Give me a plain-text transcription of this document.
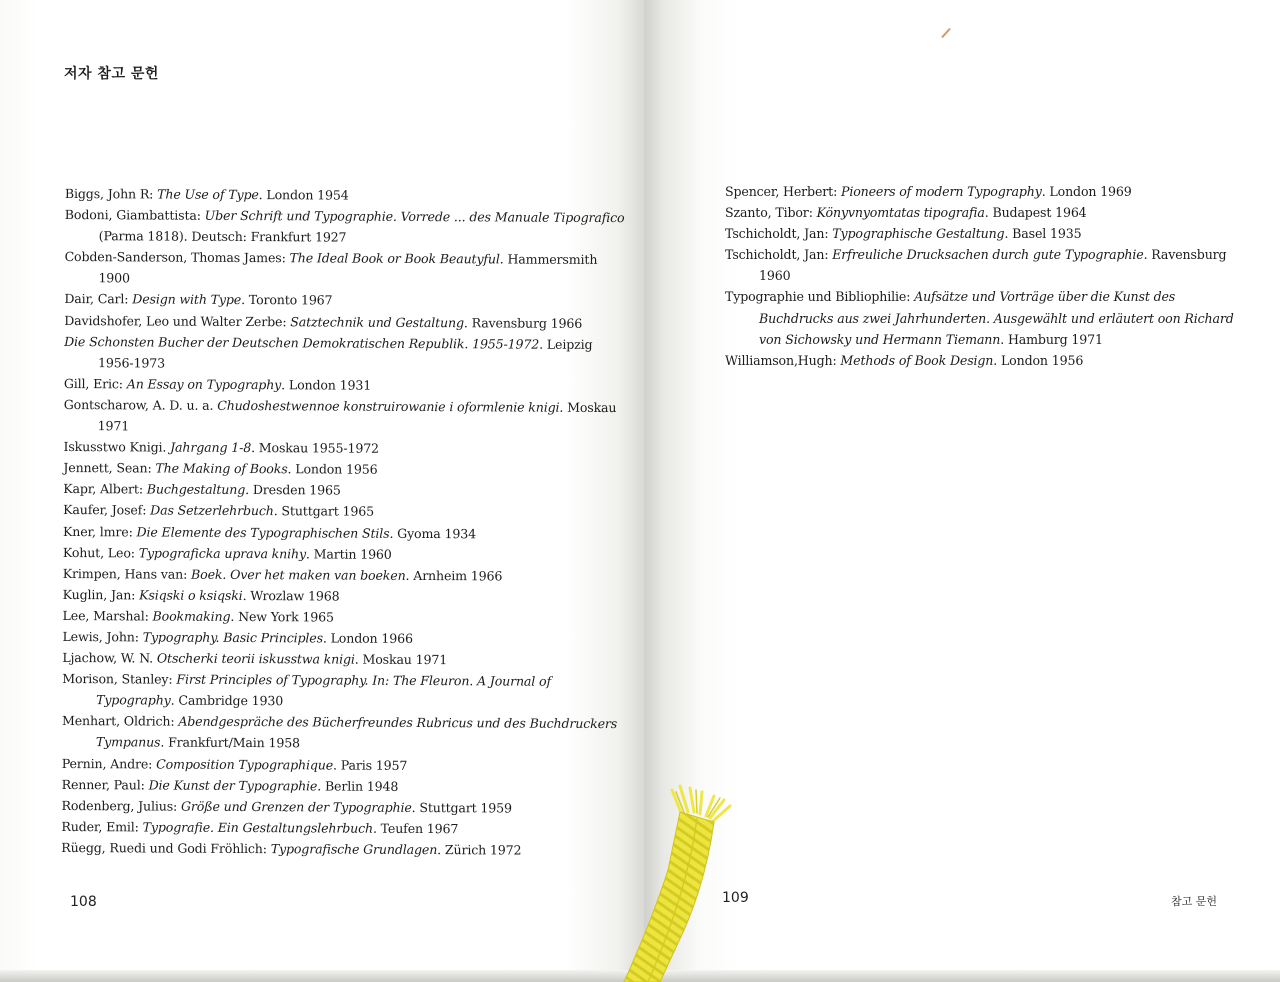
저자 참고 문헌
Biggs, John R: The Use of Type. London 1954
Bodoni, Giambattista: Uber Schrift und Typographie. Vorrede ... des Manuale Tipografico (Parma 1818). Deutsch: Frankfurt 1927
Cobden-Sanderson, Thomas James: The Ideal Book or Book Beautyful. Hammersmith 1900
Dair, Carl: Design with Type. Toronto 1967
Davidshofer, Leo und Walter Zerbe: Satztechnik und Gestaltung. Ravensburg 1966
Die Schonsten Bucher der Deutschen Demokratischen Republik. 1955-1972. Leipzig 1956-1973
Gill, Eric: An Essay on Typography. London 1931
Gontscharow, A. D. u. a. Chudoshestwennoe konstruirowanie i oformlenie knigi. Moskau 1971
Iskusstwo Knigi. Jahrgang 1-8. Moskau 1955-1972
Jennett, Sean: The Making of Books. London 1956
Kapr, Albert: Buchgestaltung. Dresden 1965
Kaufer, Josef: Das Setzerlehrbuch. Stuttgart 1965
Kner, lmre: Die Elemente des Typographischen Stils. Gyoma 1934
Kohut, Leo: Typograficka uprava knihy. Martin 1960
Krimpen, Hans van: Boek. Over het maken van boeken. Arnheim 1966
Kuglin, Jan: Ksiqski o ksiqski. Wrozlaw 1968
Lee, Marshal: Bookmaking. New York 1965
Lewis, John: Typography. Basic Principles. London 1966
Ljachow, W. N. Otscherki teorii iskusstwa knigi. Moskau 1971
Morison, Stanley: First Principles of Typography. In: The Fleuron. A Journal of Typography. Cambridge 1930
Menhart, Oldrich: Abendgespräche des Bücherfreundes Rubricus und des Buchdruckers Tympanus. Frankfurt/Main 1958
Pernin, Andre: Composition Typographique. Paris 1957
Renner, Paul: Die Kunst der Typographie. Berlin 1948
Rodenberg, Julius: Größe und Grenzen der Typographie. Stuttgart 1959
Ruder, Emil: Typografie. Ein Gestaltungslehrbuch. Teufen 1967
Rüegg, Ruedi und Godi Fröhlich: Typografische Grundlagen. Zürich 1972
108
Spencer, Herbert: Pioneers of modern Typography. London 1969
Szanto, Tibor: Könyvnyomtatas tipografia. Budapest 1964
Tschicholdt, Jan: Typographische Gestaltung. Basel 1935
Tschicholdt, Jan: Erfreuliche Drucksachen durch gute Typographie. Ravensburg 1960
Typographie und Bibliophilie: Aufsätze und Vorträge über die Kunst des Buchdrucks aus zwei Jahrhunderten. Ausgewählt und erläutert oon Richard von Sichowsky und Hermann Tiemann. Hamburg 1971
Williamson,Hugh: Methods of Book Design. London 1956
109	참고 문헌
